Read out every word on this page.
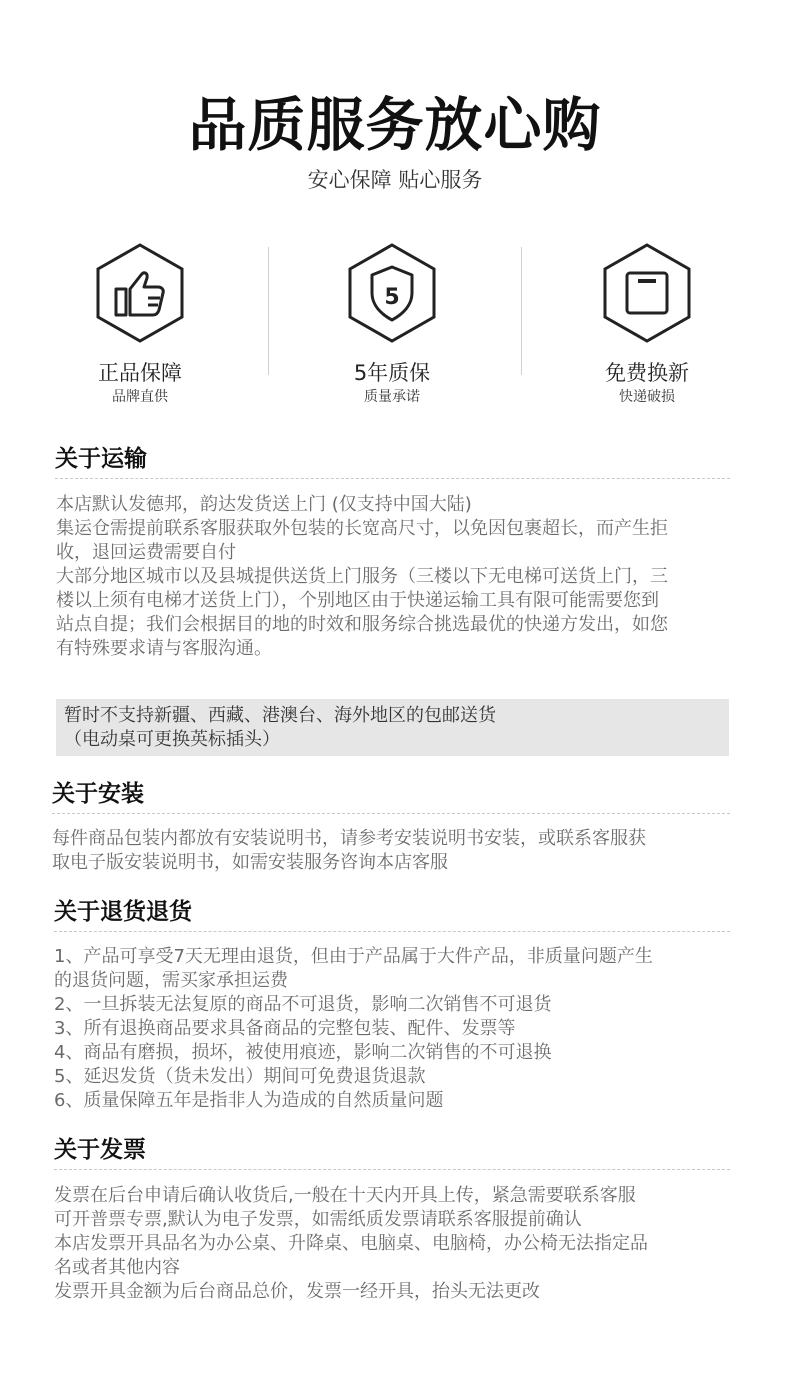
品质服务放心购
安心保障 贴心服务
正品保障
品牌直供
5
5年质保
质量承诺
免费换新
快递破损
关于运输
本店默认发德邦，韵达发货送上门 (仅支持中国大陆)
集运仓需提前联系客服获取外包装的长宽高尺寸，以免因包裹超长，而产生拒
收，退回运费需要自付
大部分地区城市以及县城提供送货上门服务（三楼以下无电梯可送货上门，三
楼以上须有电梯才送货上门），个别地区由于快递运输工具有限可能需要您到
站点自提；我们会根据目的地的时效和服务综合挑选最优的快递方发出，如您
有特殊要求请与客服沟通。
暂时不支持新疆、西藏、港澳台、海外地区的包邮送货
（电动桌可更换英标插头）
关于安装
每件商品包装内都放有安装说明书，请参考安装说明书安装，或联系客服获
取电子版安装说明书，如需安装服务咨询本店客服
关于退货退货
1、产品可享受7天无理由退货，但由于产品属于大件产品，非质量问题产生
的退货问题，需买家承担运费
2、一旦拆装无法复原的商品不可退货，影响二次销售不可退货
3、所有退换商品要求具备商品的完整包装、配件、发票等
4、商品有磨损，损坏，被使用痕迹，影响二次销售的不可退换
5、延迟发货（货未发出）期间可免费退货退款
6、质量保障五年是指非人为造成的自然质量问题
关于发票
发票在后台申请后确认收货后,一般在十天内开具上传，紧急需要联系客服
可开普票专票,默认为电子发票，如需纸质发票请联系客服提前确认
本店发票开具品名为办公桌、升降桌、电脑桌、电脑椅，办公椅无法指定品
名或者其他内容
发票开具金额为后台商品总价，发票一经开具，抬头无法更改
